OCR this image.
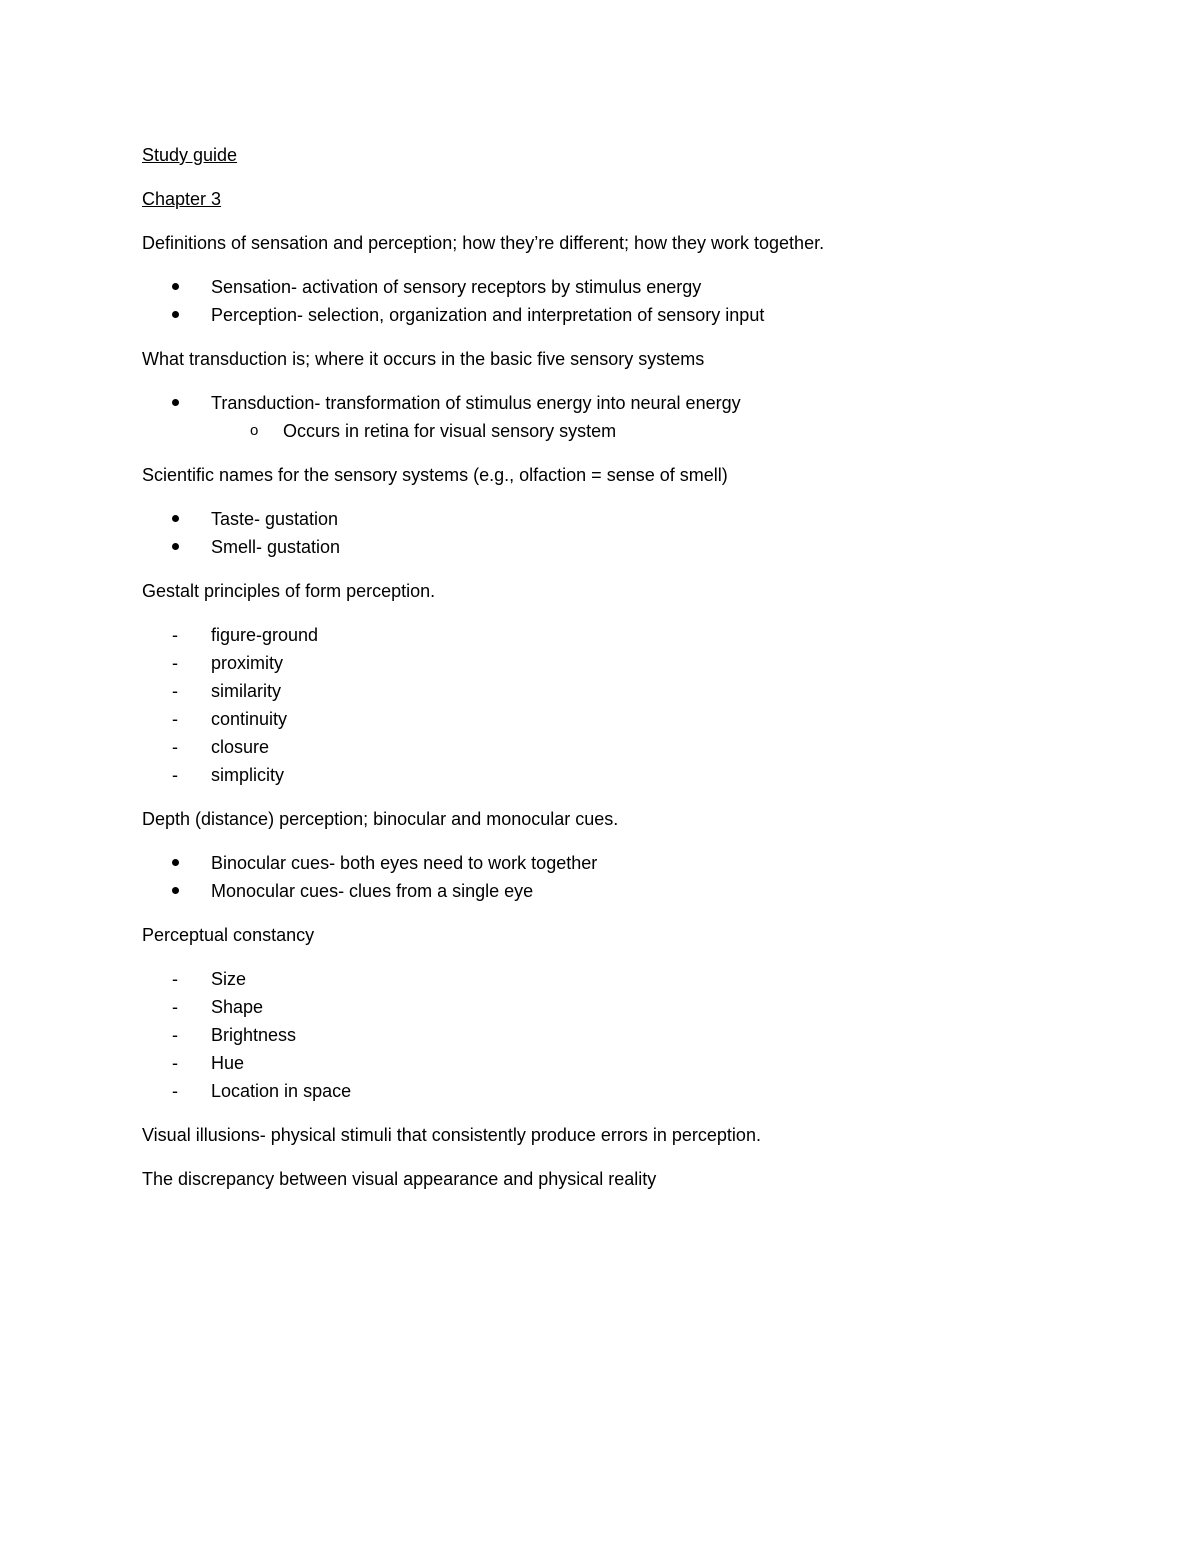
Study guide
Chapter 3
Definitions of sensation and perception; how they’re different; how they work together.
Sensation- activation of sensory receptors by stimulus energy
Perception- selection, organization and interpretation of sensory input
What transduction is; where it occurs in the basic five sensory systems
Transduction- transformation of stimulus energy into neural energy
o	Occurs in retina for visual sensory system
Scientific names for the sensory systems (e.g., olfaction = sense of smell)
Taste- gustation
Smell- gustation
Gestalt principles of form perception.
-	figure-ground
-	proximity
-	similarity
-	continuity
-	closure
-	simplicity
Depth (distance) perception; binocular and monocular cues.
Binocular cues- both eyes need to work together
Monocular cues- clues from a single eye
Perceptual constancy
-	Size
-	Shape
-	Brightness
-	Hue
-	Location in space
Visual illusions- physical stimuli that consistently produce errors in perception.
The discrepancy between visual appearance and physical reality
